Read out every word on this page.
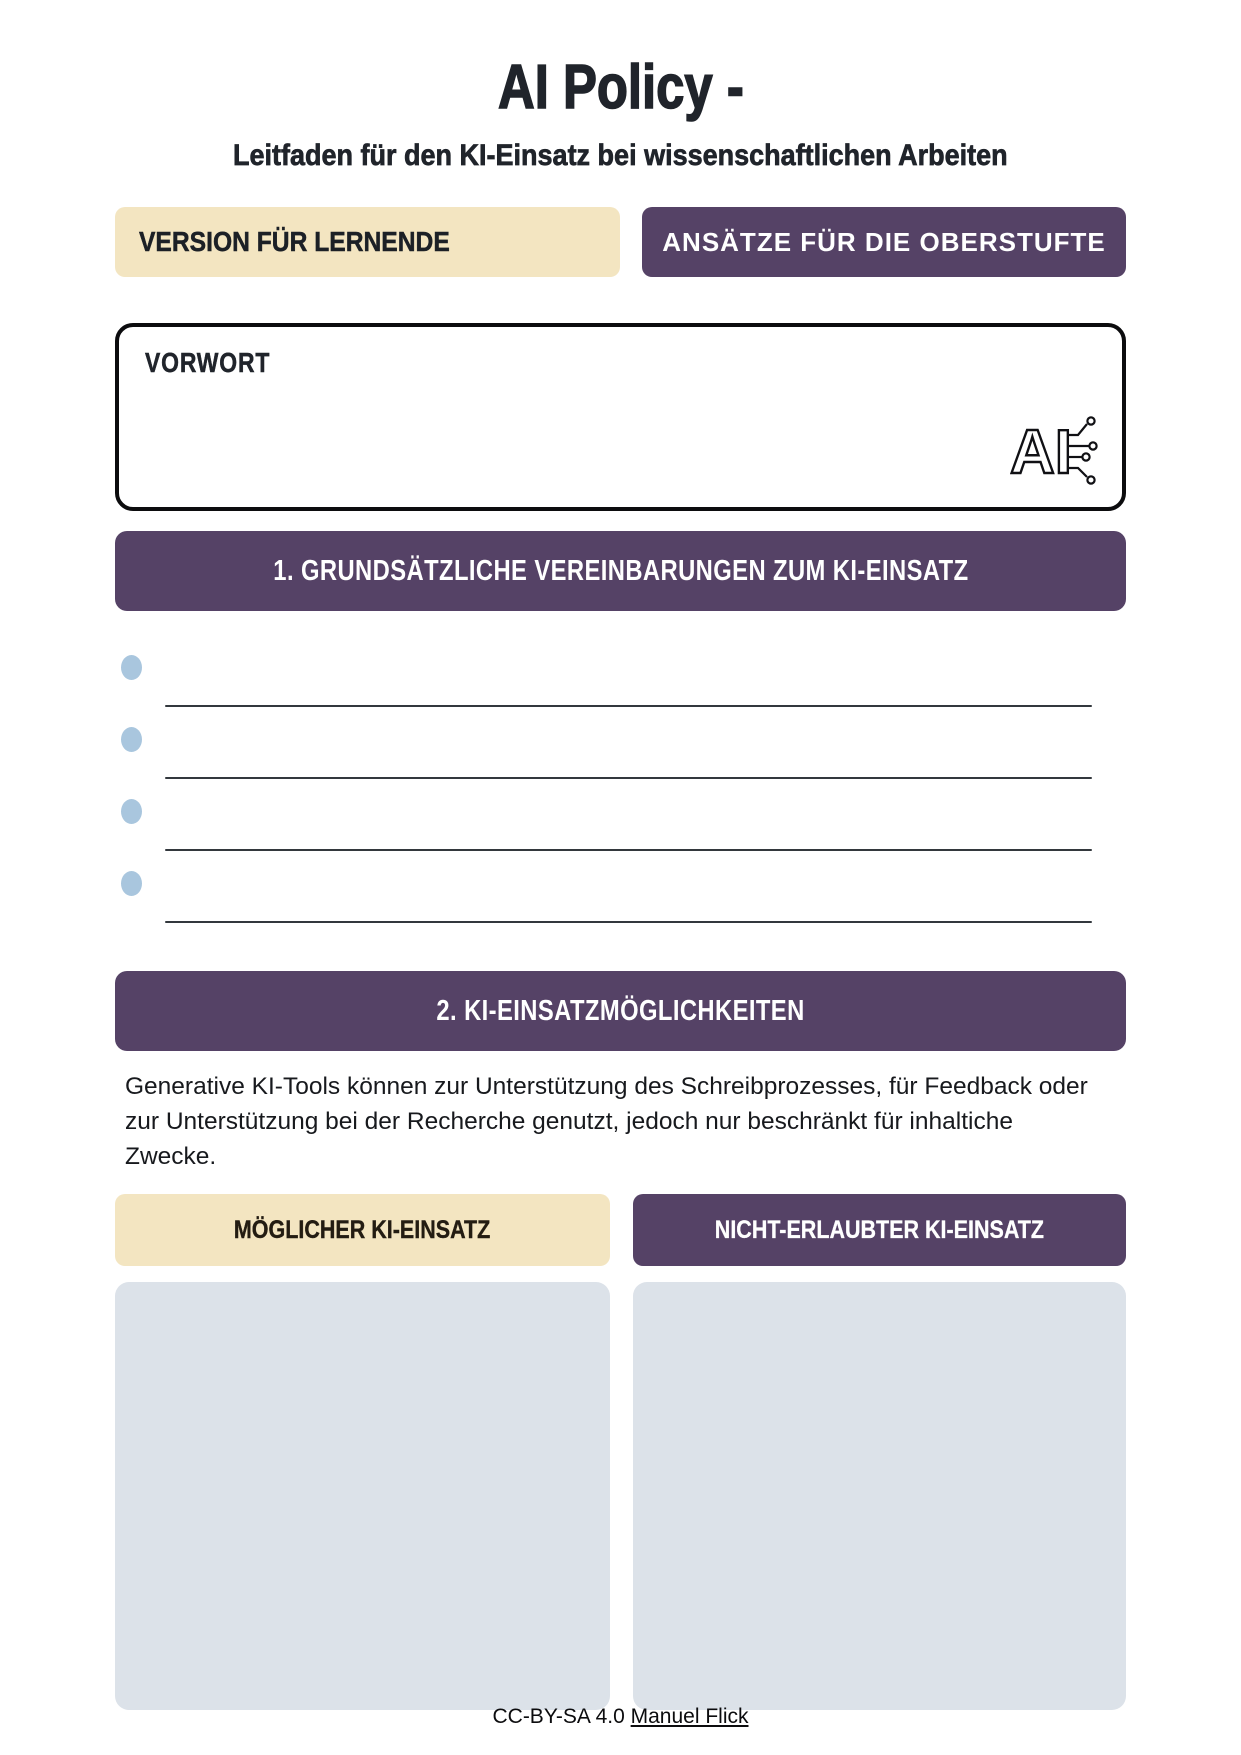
AI Policy -
Leitfaden für den KI-Einsatz bei wissenschaftlichen Arbeiten
VERSION FÜR LERNENDE	ANSÄTZE FÜR DIE OBERSTUFTE
VORWORT
AI
1. GRUNDSÄTZLICHE VEREINBARUNGEN ZUM KI-EINSATZ
2. KI-EINSATZMÖGLICHKEITEN

Generative KI-Tools können zur Unterstützung des Schreibprozesses, für Feedback oder zur Unterstützung bei der Recherche genutzt, jedoch nur beschränkt für inhaltiche Zwecke.

MÖGLICHER KI-EINSATZ	NICHT-ERLAUBTER KI-EINSATZ
CC-BY-SA 4.0 Manuel Flick
